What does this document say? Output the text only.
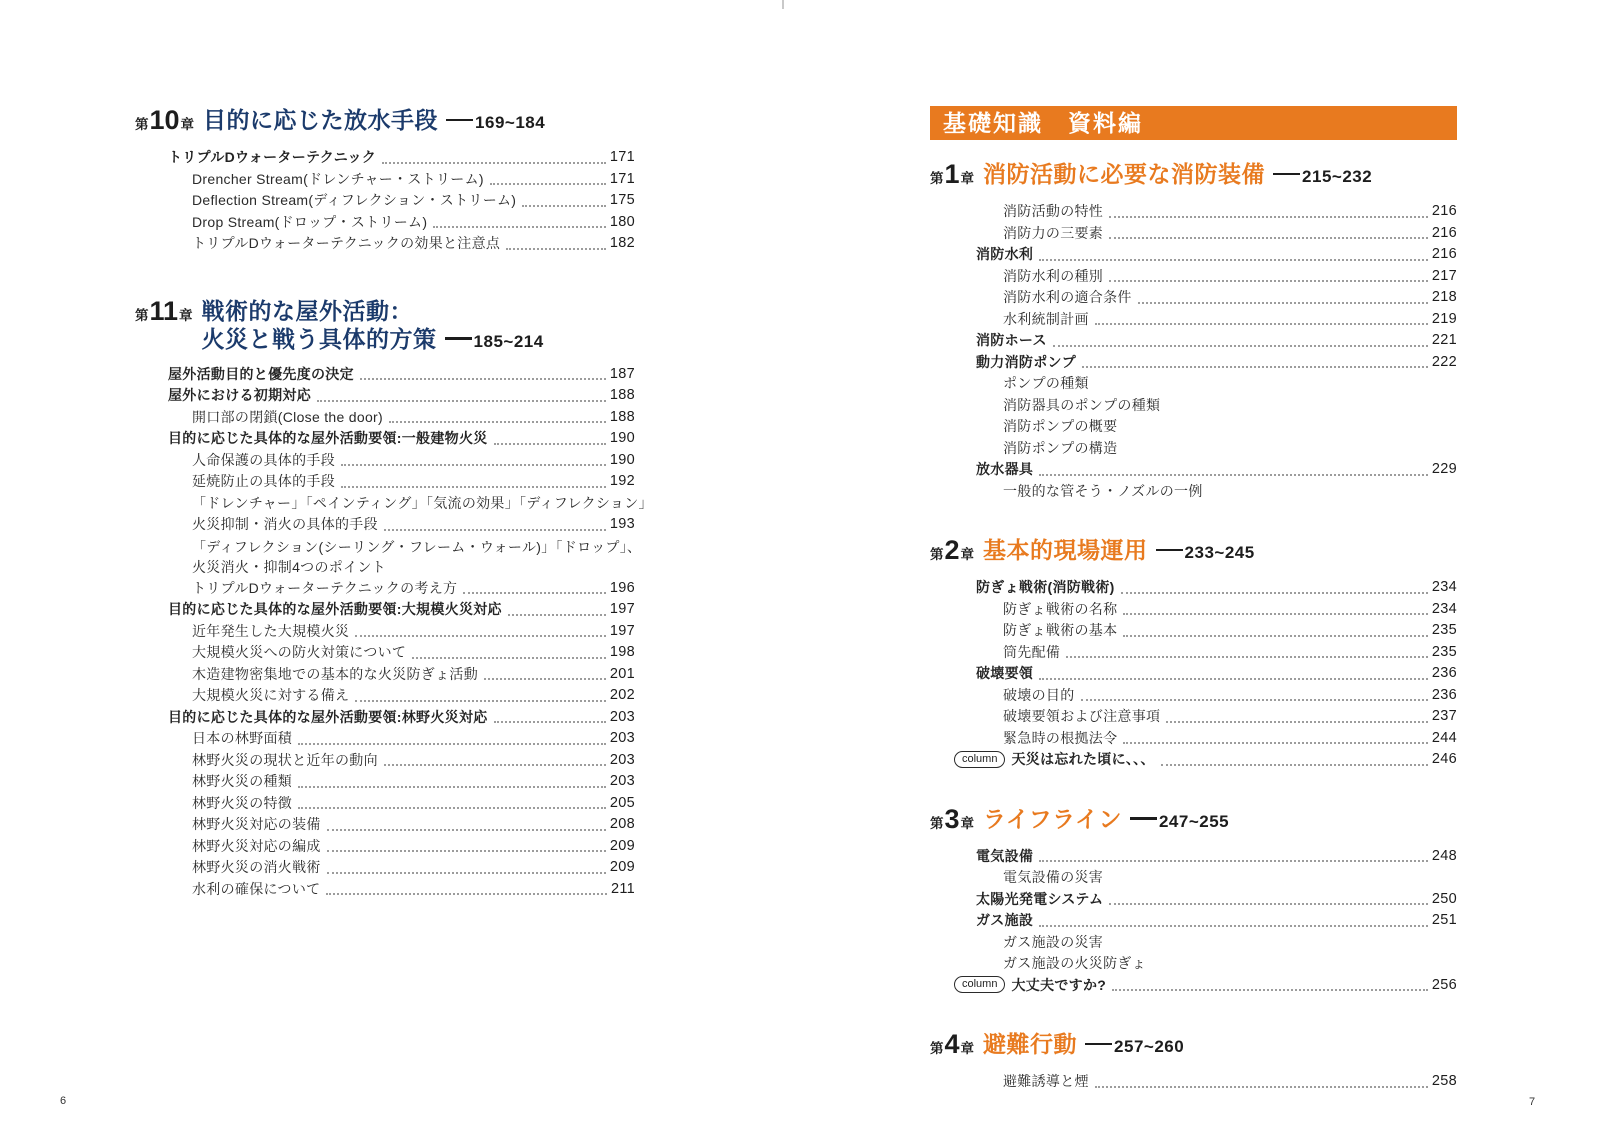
第10章 目的に応じた放水手段 169~184
トリプルDウォーターテクニック	171
Drencher Stream(ドレンチャー・ストリーム)	171
Deflection Stream(ディフレクション・ストリーム)	175
Drop Stream(ドロップ・ストリーム)	180
トリプルDウォーターテクニックの効果と注意点	182
第11章 戦術的な屋外活動：
火災と戦う具体的方策 185~214
屋外活動目的と優先度の決定	187
屋外における初期対応	188
開口部の閉鎖(Close the door)	188
目的に応じた具体的な屋外活動要領:一般建物火災	190
人命保護の具体的手段	190
延焼防止の具体的手段	192
「ドレンチャー」「ペインティング」「気流の効果」「ディフレクション」
火災抑制・消火の具体的手段	193
「ディフレクション(シーリング・フレーム・ウォール)」「ドロップ」、
火災消火・抑制4つのポイント
トリプルDウォーターテクニックの考え方	196
目的に応じた具体的な屋外活動要領:大規模火災対応	197
近年発生した大規模火災	197
大規模火災への防火対策について	198
木造建物密集地での基本的な火災防ぎょ活動	201
大規模火災に対する備え	202
目的に応じた具体的な屋外活動要領:林野火災対応	203
日本の林野面積	203
林野火災の現状と近年の動向	203
林野火災の種類	203
林野火災の特徴	205
林野火災対応の装備	208
林野火災対応の編成	209
林野火災の消火戦術	209
水利の確保について	211
基礎知識　資料編
第1章 消防活動に必要な消防装備 215~232
消防活動の特性	216
消防力の三要素	216
消防水利	216
消防水利の種別	217
消防水利の適合条件	218
水利統制計画	219
消防ホース	221
動力消防ポンプ	222
ポンプの種類
消防器具のポンプの種類
消防ポンプの概要
消防ポンプの構造
放水器具	229
一般的な管そう・ノズルの一例
第2章 基本的現場運用 233~245
防ぎょ戦術(消防戦術)	234
防ぎょ戦術の名称	234
防ぎょ戦術の基本	235
筒先配備	235
破壊要領	236
破壊の目的	236
破壊要領および注意事項	237
緊急時の根拠法令	244
column	天災は忘れた頃に、、、	246
第3章 ライフライン 247~255
電気設備	248
電気設備の災害
太陽光発電システム	250
ガス施設	251
ガス施設の災害
ガス施設の火災防ぎょ
column	大丈夫ですか?	256
第4章 避難行動 257~260
避難誘導と煙	258
6	7
